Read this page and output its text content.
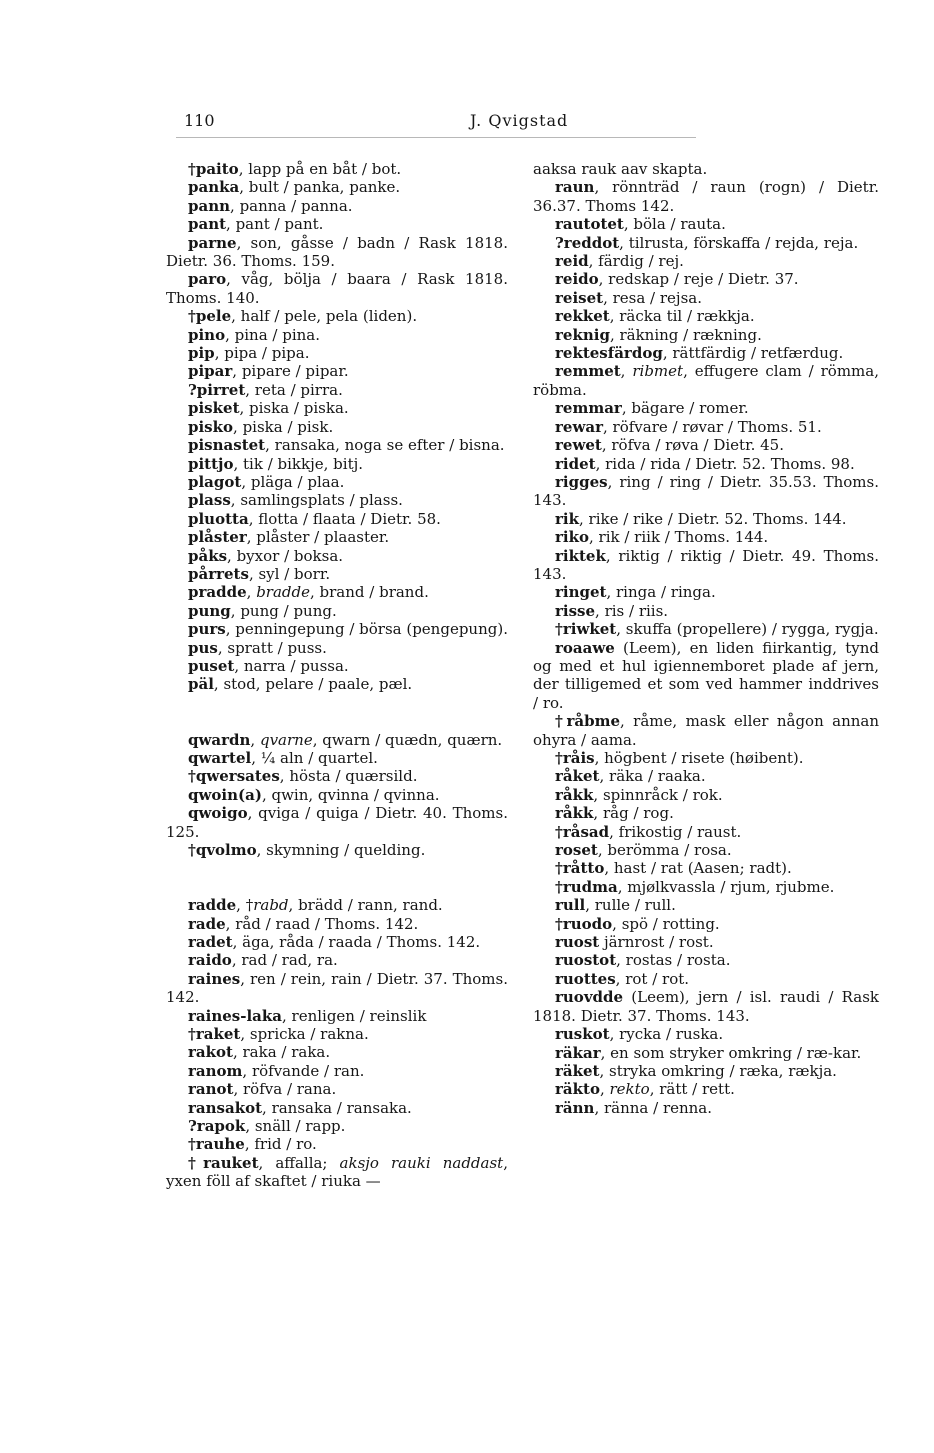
110	J. Qvigstad

†paito, lapp på en båt / bot.

panka, bult / panka, panke.

pann, panna / panna.

pant, pant / pant.

parne, son, gåsse / badn / Rask 1818. Dietr. 36. Thoms. 159.

paro, våg, bölja / baara / Rask 1818. Thoms. 140.

†pele, half / pele, pela (liden).

pino, pina / pina.

pip, pipa / pipa.

pipar, pipare / pipar.

?pirret, reta / pirra.

pisket, piska / piska.

pisko, piska / pisk.

pisnastet, ransaka, noga se efter / bisna.

pittjo, tik / bikkje, bitj.

plagot, pläga / plaa.

plass, samlingsplats / plass.

pluotta, flotta / flaata / Dietr. 58.

plåster, plåster / plaaster.

påks, byxor / boksa.

pårrets, syl / borr.

pradde, bradde, brand / brand.

pung, pung / pung.

purs, penningepung / börsa (pengepung).

pus, spratt / puss.

puset, narra / pussa.

päl, stod, pelare / paale, pæl.

qwardn, qvarne, qwarn / quædn, quærn.

qwartel, ¼ aln / quartel.

†qwersates, hösta / quærsild.

qwoin(a), qwin, qvinna / qvinna.

qwoigo, qviga / quiga / Dietr. 40. Thoms. 125.

†qvolmo, skymning / quelding.

radde, †rabd, brädd / rann, rand.

rade, råd / raad / Thoms. 142.

radet, äga, råda / raada / Thoms. 142.

raido, rad / rad, ra.

raines, ren / rein, rain / Dietr. 37. Thoms. 142.

raines-laka, renligen / reinslik

†raket, spricka / rakna.

rakot, raka / raka.

ranom, röfvande / ran.

ranot, röfva / rana.

ransakot, ransaka / ransaka.

?rapok, snäll / rapp.

†rauhe, frid / ro.

†rauket, affalla; aksjo rauki naddast, yxen föll af skaftet / riuka —

aaksa rauk aav skapta.

raun, rönnträd / raun (rogn) / Dietr. 36.37. Thoms 142.

rautotet, böla / rauta.

?reddot, tilrusta, förskaffa / rejda, reja.

reid, färdig / rej.

reido, redskap / reje / Dietr. 37.

reiset, resa / rejsa.

rekket, räcka til / rækkja.

reknig, räkning / rækning.

rektesfärdog, rättfärdig / retfærdug.

remmet, ribmet, effugere clam / römma, röbma.

remmar, bägare / romer.

rewar, röfvare / røvar / Thoms. 51.

rewet, röfva / røva / Dietr. 45.

ridet, rida / rida / Dietr. 52. Thoms. 98.

rigges, ring / ring / Dietr. 35.53. Thoms. 143.

rik, rike / rike / Dietr. 52. Thoms. 144.

riko, rik / riik / Thoms. 144.

riktek, riktig / riktig / Dietr. 49. Thoms. 143.

ringet, ringa / ringa.

risse, ris / riis.

†riwket, skuffa (propellere) / rygga, rygja.

roaawe (Leem), en liden fiirkantig, tynd og med et hul igiennemboret plade af jern, der tilligemed et som ved hammer inddrives / ro.

†råbme, råme, mask eller någon annan ohyra / aama.

†råis, högbent / risete (høibent).

råket, räka / raaka.

råkk, spinnråck / rok.

råkk, råg / rog.

†råsad, frikostig / raust.

roset, berömma / rosa.

†råtto, hast / rat (Aasen; radt).

†rudma, mjølkvassla / rjum, rjubme.

rull, rulle / rull.

†ruodo, spö / rotting.

ruost järnrost / rost.

ruostot, rostas / rosta.

ruottes, rot / rot.

ruovdde (Leem), jern / isl. raudi / Rask 1818. Dietr. 37. Thoms. 143.

ruskot, rycka / ruska.

räkar, en som stryker omkring / ræ-kar.

räket, stryka omkring / ræka, rækja.

räkto, rekto, rätt / rett.

ränn, ränna / renna.
